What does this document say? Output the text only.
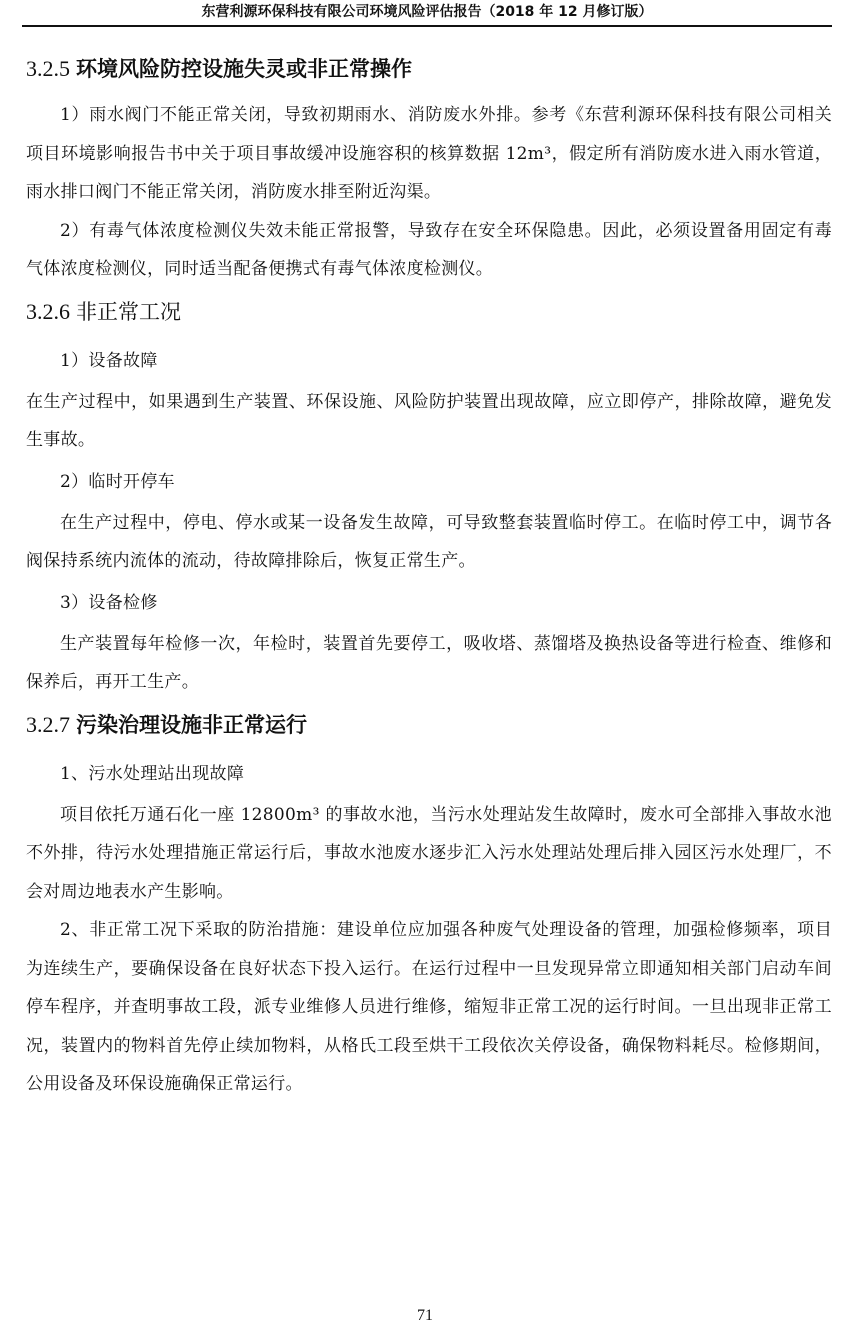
东营利源环保科技有限公司环境风险评估报告（2018 年 12 月修订版）
3.2.5 环境风险防控设施失灵或非正常操作

1）雨水阀门不能正常关闭，导致初期雨水、消防废水外排。参考《东营利源环保科技有限公司相关项目环境影响报告书中关于项目事故缓冲设施容积的核算数据 12m³，假定所有消防废水进入雨水管道，雨水排口阀门不能正常关闭，消防废水排至附近沟渠。

2）有毒气体浓度检测仪失效未能正常报警，导致存在安全环保隐患。因此，必须设置备用固定有毒气体浓度检测仪，同时适当配备便携式有毒气体浓度检测仪。

3.2.6 非正常工况

1）设备故障

在生产过程中，如果遇到生产装置、环保设施、风险防护装置出现故障，应立即停产，排除故障，避免发生事故。

2）临时开停车

在生产过程中，停电、停水或某一设备发生故障，可导致整套装置临时停工。在临时停工中，调节各阀保持系统内流体的流动，待故障排除后，恢复正常生产。

3）设备检修

生产装置每年检修一次，年检时，装置首先要停工，吸收塔、蒸馏塔及换热设备等进行检查、维修和保养后，再开工生产。

3.2.7 污染治理设施非正常运行

1、污水处理站出现故障

项目依托万通石化一座 12800m³ 的事故水池，当污水处理站发生故障时，废水可全部排入事故水池不外排，待污水处理措施正常运行后，事故水池废水逐步汇入污水处理站处理后排入园区污水处理厂，不会对周边地表水产生影响。

2、非正常工况下采取的防治措施：建设单位应加强各种废气处理设备的管理，加强检修频率，项目为连续生产，要确保设备在良好状态下投入运行。在运行过程中一旦发现异常立即通知相关部门启动车间停车程序，并查明事故工段，派专业维修人员进行维修，缩短非正常工况的运行时间。一旦出现非正常工况，装置内的物料首先停止续加物料，从格氏工段至烘干工段依次关停设备，确保物料耗尽。检修期间，公用设备及环保设施确保正常运行。

71
